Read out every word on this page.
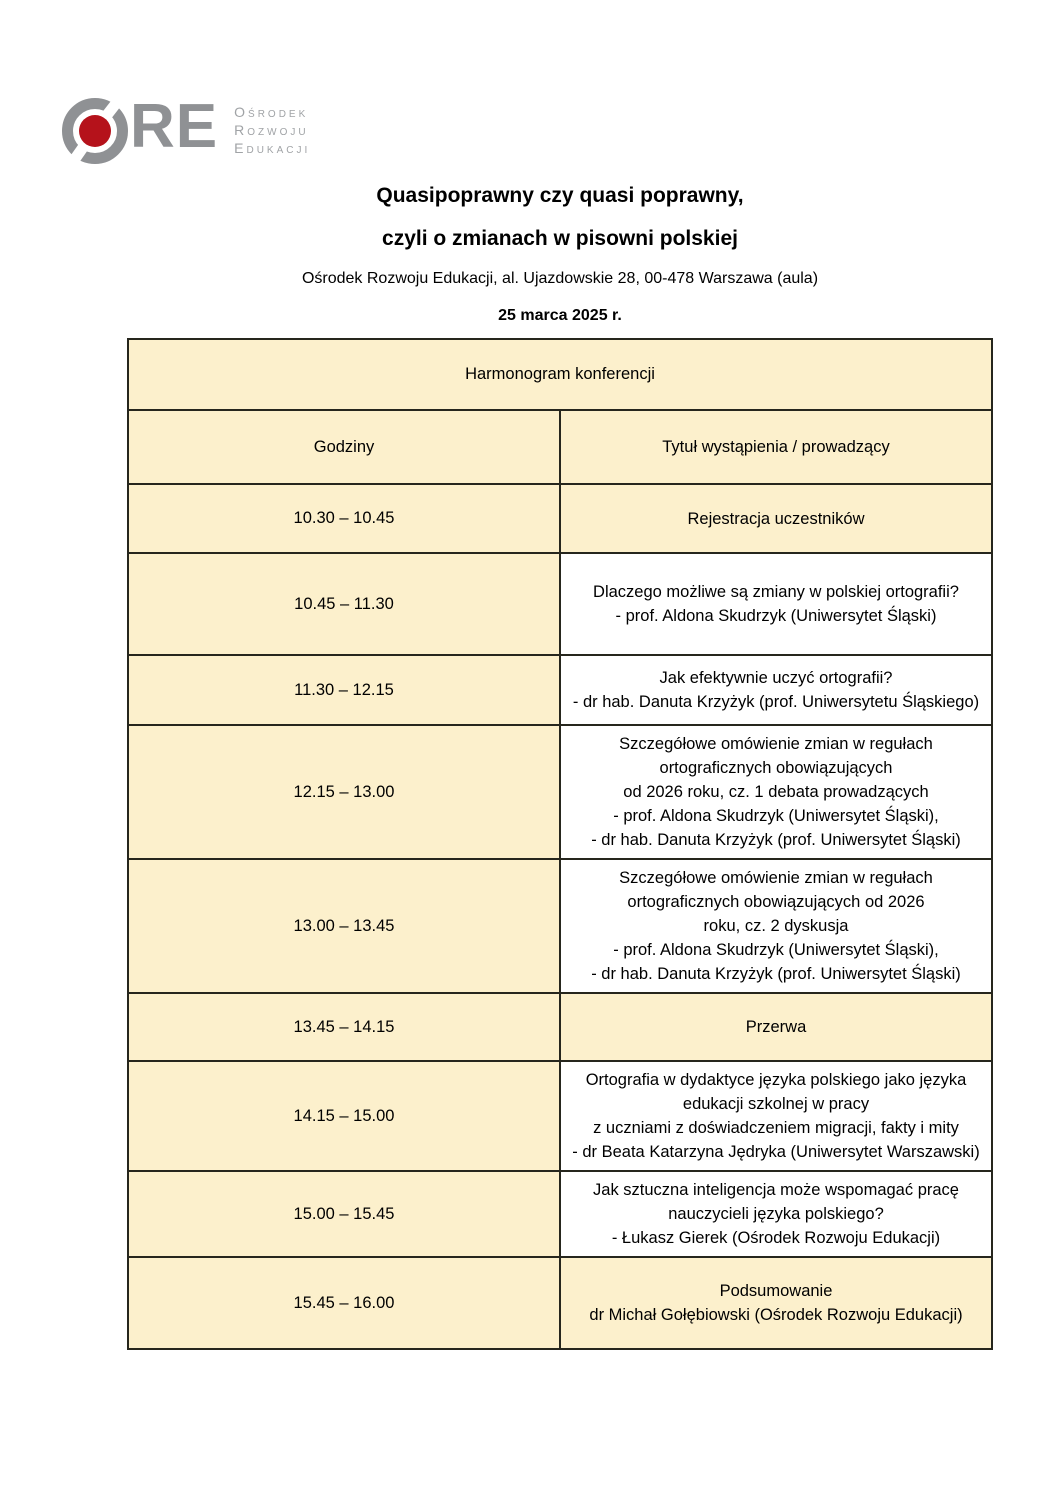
RE Ośrodek
Rozwoju
Edukacji

Quasipoprawny czy quasi poprawny,

czyli o zmianach w pisowni polskiej

Ośrodek Rozwoju Edukacji, al. Ujazdowskie 28, 00-478 Warszawa (aula)

25 marca 2025 r.

Harmonogram konferencji	
Godziny	Tytuł wystąpienia / prowadzący
10.30 – 10.45	Rejestracja uczestników

10.45 – 11.30	Dlaczego możliwe są zmiany w polskiej ortografii?
- prof. Aldona Skudrzyk (Uniwersytet Śląski)

11.30 – 12.15	Jak efektywnie uczyć ortografii?
- dr hab. Danuta Krzyżyk (prof. Uniwersytetu Śląskiego)

12.15 – 13.00	Szczegółowe omówienie zmian w regułach ortograficznych obowiązujących
od 2026 roku, cz. 1 debata prowadzących
- prof. Aldona Skudrzyk (Uniwersytet Śląski),
- dr hab. Danuta Krzyżyk (prof. Uniwersytet Śląski)

13.00 – 13.45	Szczegółowe omówienie zmian w regułach ortograficznych obowiązujących od 2026
roku, cz. 2 dyskusja
- prof. Aldona Skudrzyk (Uniwersytet Śląski),
- dr hab. Danuta Krzyżyk (prof. Uniwersytet Śląski)

13.45 – 14.15	Przerwa

14.15 – 15.00	Ortografia w dydaktyce języka polskiego jako języka edukacji szkolnej w pracy
z uczniami z doświadczeniem migracji, fakty i mity
- dr Beata Katarzyna Jędryka (Uniwersytet Warszawski)

15.00 – 15.45	Jak sztuczna inteligencja może wspomagać pracę nauczycieli języka polskiego?
- Łukasz Gierek (Ośrodek Rozwoju Edukacji)

15.45 – 16.00	Podsumowanie
dr Michał Gołębiowski (Ośrodek Rozwoju Edukacji)
